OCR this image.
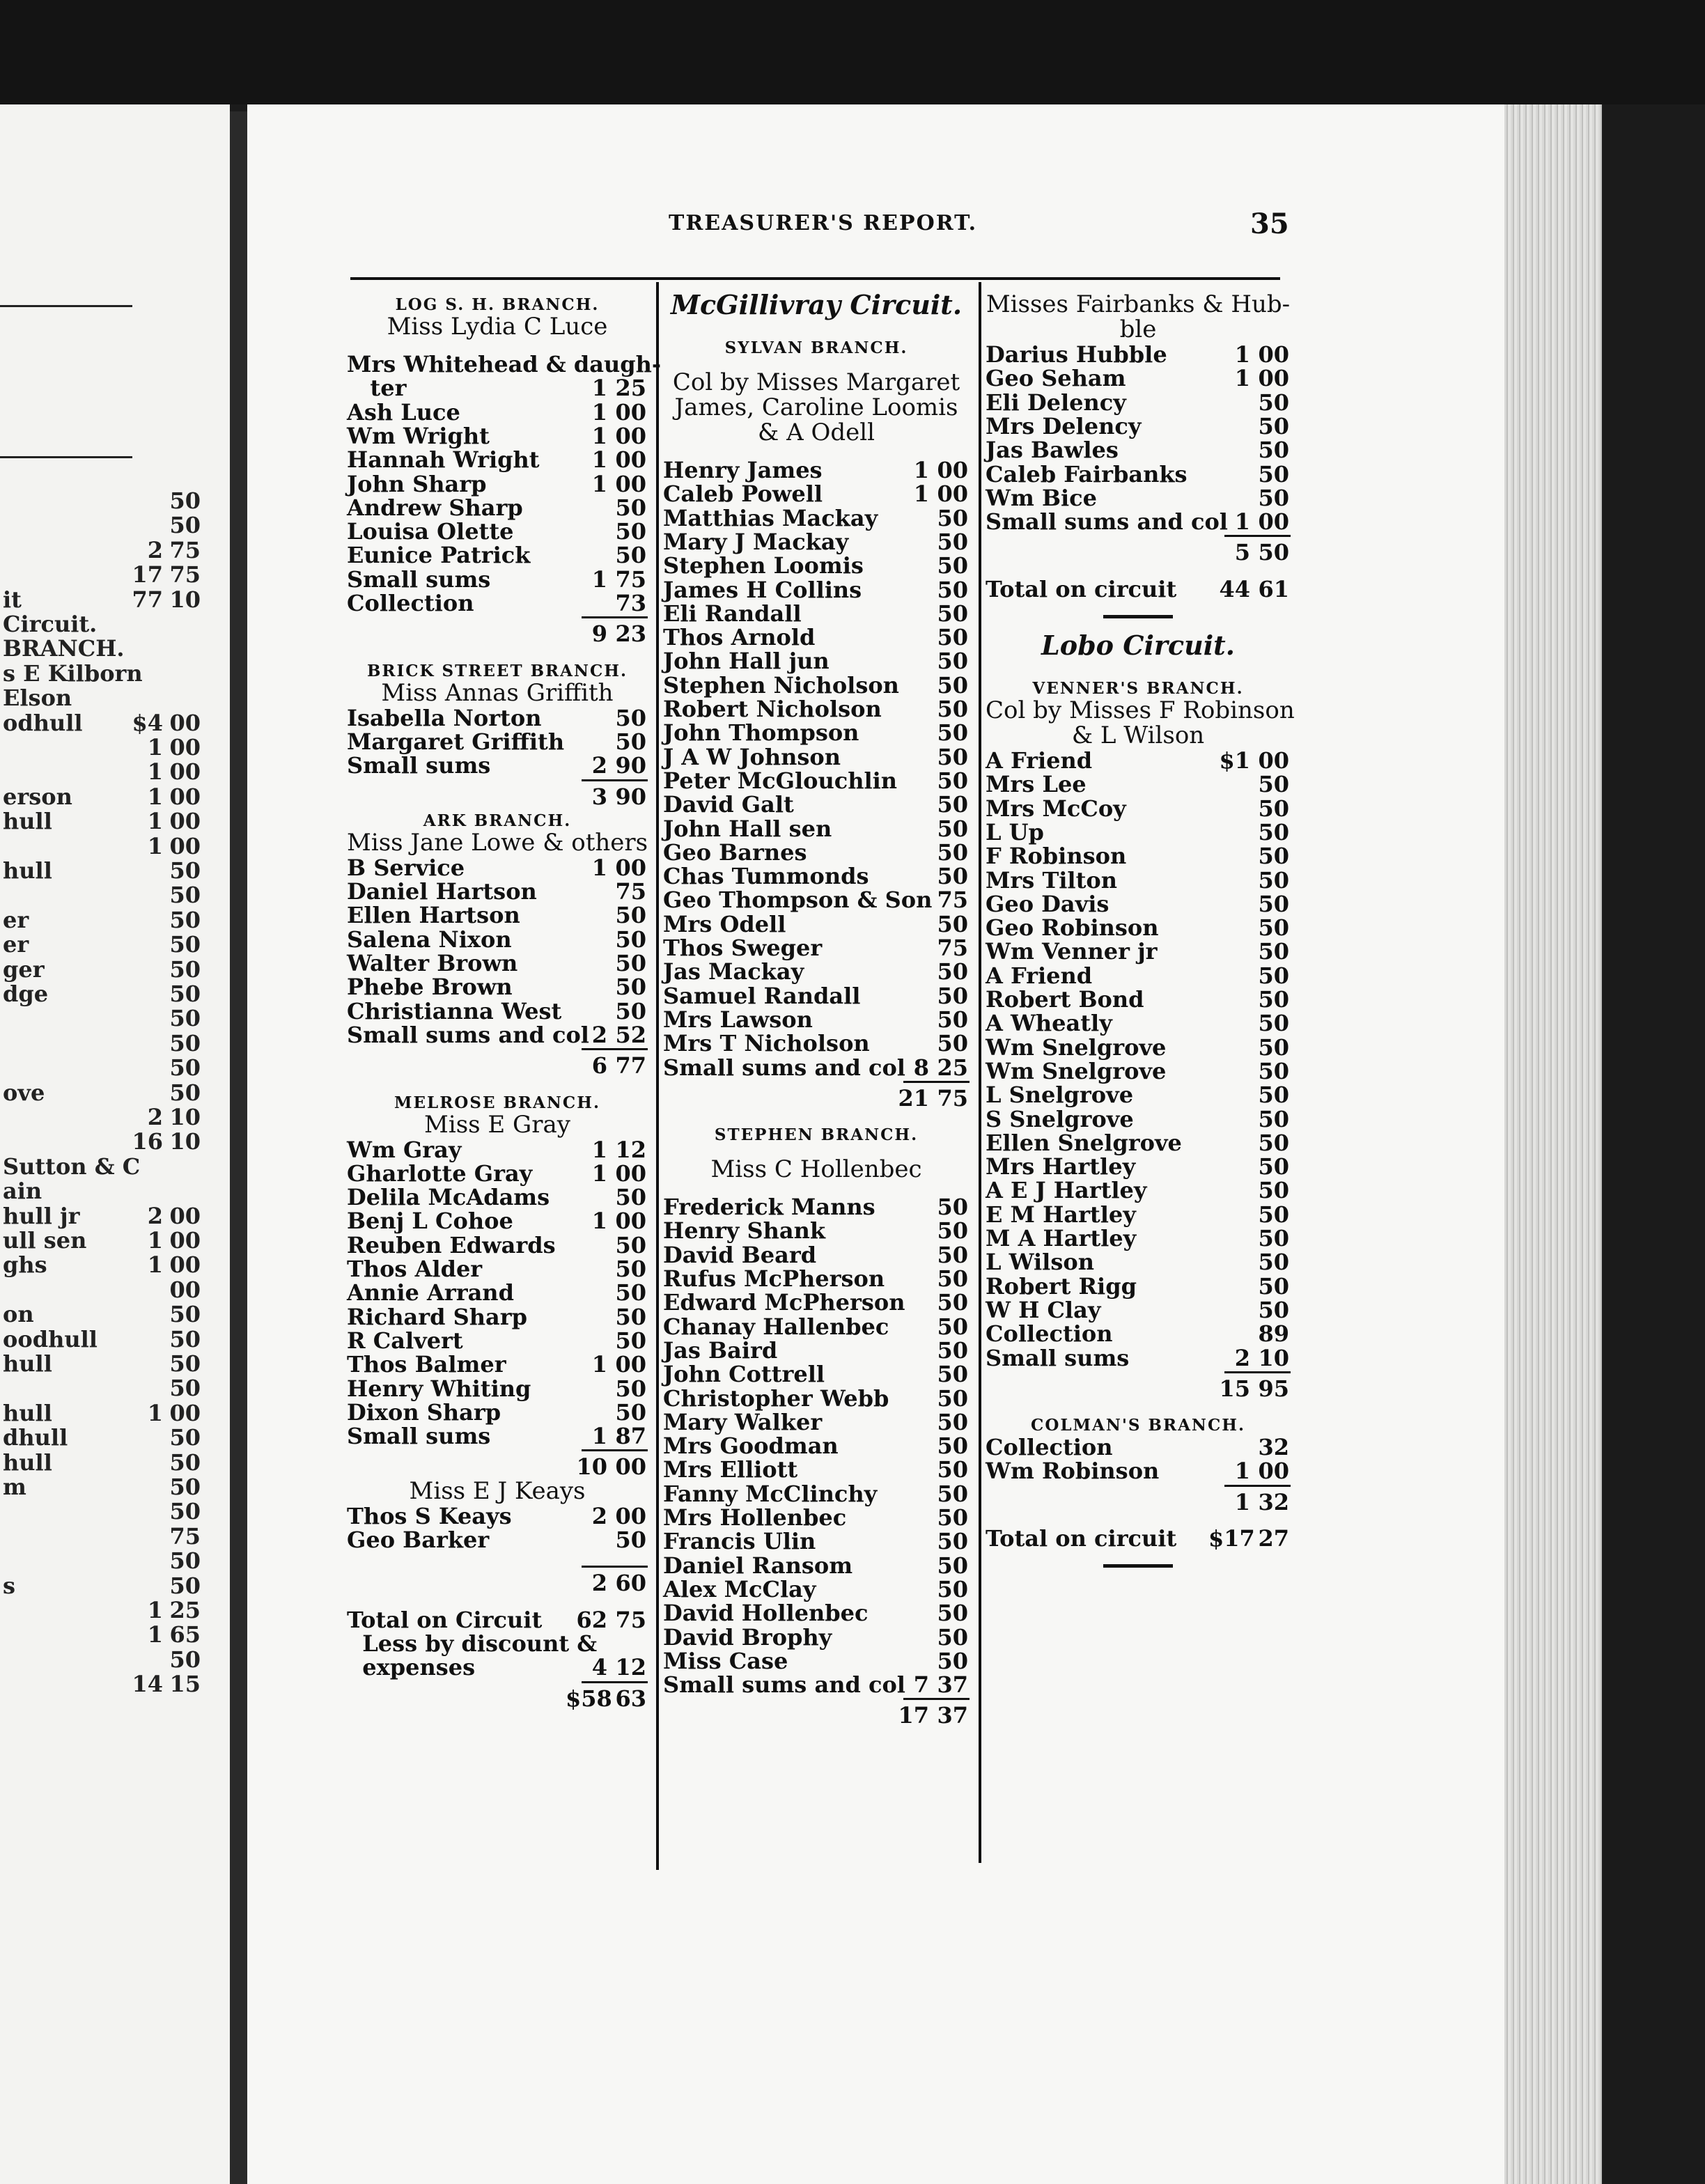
50
50
2 75
17 75
it	77 10
Circuit.
BRANCH.
s E Kilborn
Elson
odhull	$4 00
1 00
1 00
erson	1 00
hull	1 00
1 00
hull	50
50
er	50
er	50
ger	50
dge	50
50
50
50
ove	50
2 10
16 10
Sutton & C
ain
hull jr	2 00
ull sen	1 00
ghs	1 00
00
on	50
oodhull	50
hull	50
50
hull	1 00
dhull	50
hull	50
m	50
50
75
50
s	50
1 25
1 65
50
14 15
TREASURER'S REPORT.	35
LOG S. H. BRANCH.
Miss Lydia C Luce
Mrs Whitehead & daugh-
ter	1 25
Ash Luce	1 00
Wm Wright	1 00
Hannah Wright	1 00
John Sharp	1 00
Andrew Sharp	50
Louisa Olette	50
Eunice Patrick	50
Small sums	1 75
Collection	73
9 23
BRICK STREET BRANCH.
Miss Annas Griffith
Isabella Norton	50
Margaret Griffith 50
Small sums	2 90
3 90
ARK BRANCH.
Miss Jane Lowe & others
B Service	1 00
Daniel Hartson	75
Ellen Hartson	50
Salena Nixon	50
Walter Brown	50
Phebe Brown	50
Christianna West 50
Small sums and col 2 52
6 77
MELROSE BRANCH.
Miss E Gray
Wm Gray	1 12
Gharlotte Gray	1 00
Delila McAdams	50
Benj L Cohoe	1 00
Reuben Edwards	50
Thos Alder	50
Annie Arrand	50
Richard Sharp	50
R Calvert	50
Thos Balmer	1 00
Henry Whiting	50
Dixon Sharp	50
Small sums	1 87
10 00
Miss E J Keays
Thos S Keays	2 00
Geo Barker	50
2 60
Total on Circuit	62 75
Less by discount &
expenses	4 12
$58 63
McGillivray Circuit.
SYLVAN BRANCH.
Col by Misses Margaret
James, Caroline Loomis
& A Odell
Henry James	1 00
Caleb Powell	1 00
Matthias Mackay	50
Mary J Mackay	50
Stephen Loomis	50
James H Collins	50
Eli Randall	50
Thos Arnold	50
John Hall jun	50
Stephen Nicholson 50
Robert Nicholson 50
John Thompson	50
J A W Johnson	50
Peter McGlouchlin 50
David Galt	50
John Hall sen	50
Geo Barnes	50
Chas Tummonds	50
Geo Thompson & Son 75
Mrs Odell	50
Thos Sweger	75
Jas Mackay	50
Samuel Randall	50
Mrs Lawson	50
Mrs T Nicholson	50
Small sums and col 8 25
21 75
STEPHEN BRANCH.
Miss C Hollenbec
Frederick Manns	50
Henry Shank	50
David Beard	50
Rufus McPherson 50
Edward McPherson 50
Chanay Hallenbec 50
Jas Baird	50
John Cottrell	50
Christopher Webb 50
Mary Walker	50
Mrs Goodman	50
Mrs Elliott	50
Fanny McClinchy	50
Mrs Hollenbec	50
Francis Ulin	50
Daniel Ransom	50
Alex McClay	50
David Hollenbec	50
David Brophy	50
Miss Case	50
Small sums and col 7 37
17 37
Misses Fairbanks & Hub-
ble
Darius Hubble	1 00
Geo Seham	1 00
Eli Delency	50
Mrs Delency	50
Jas Bawles	50
Caleb Fairbanks	50
Wm Bice	50
Small sums and col 1 00
5 50
Total on circuit	44 61
Lobo Circuit.
VENNER'S BRANCH.
Col by Misses F Robinson
& L Wilson
A Friend	$1 00
Mrs Lee	50
Mrs McCoy	50
L Up	50
F Robinson	50
Mrs Tilton	50
Geo Davis	50
Geo Robinson	50
Wm Venner jr	50
A Friend	50
Robert Bond	50
A Wheatly	50
Wm Snelgrove	50
Wm Snelgrove	50
L Snelgrove	50
S Snelgrove	50
Ellen Snelgrove	50
Mrs Hartley	50
A E J Hartley	50
E M Hartley	50
M A Hartley	50
L Wilson	50
Robert Rigg	50
W H Clay	50
Collection	89
Small sums	2 10
15 95
COLMAN'S BRANCH.
Collection	32
Wm Robinson	1 00
1 32
Total on circuit $17 27
